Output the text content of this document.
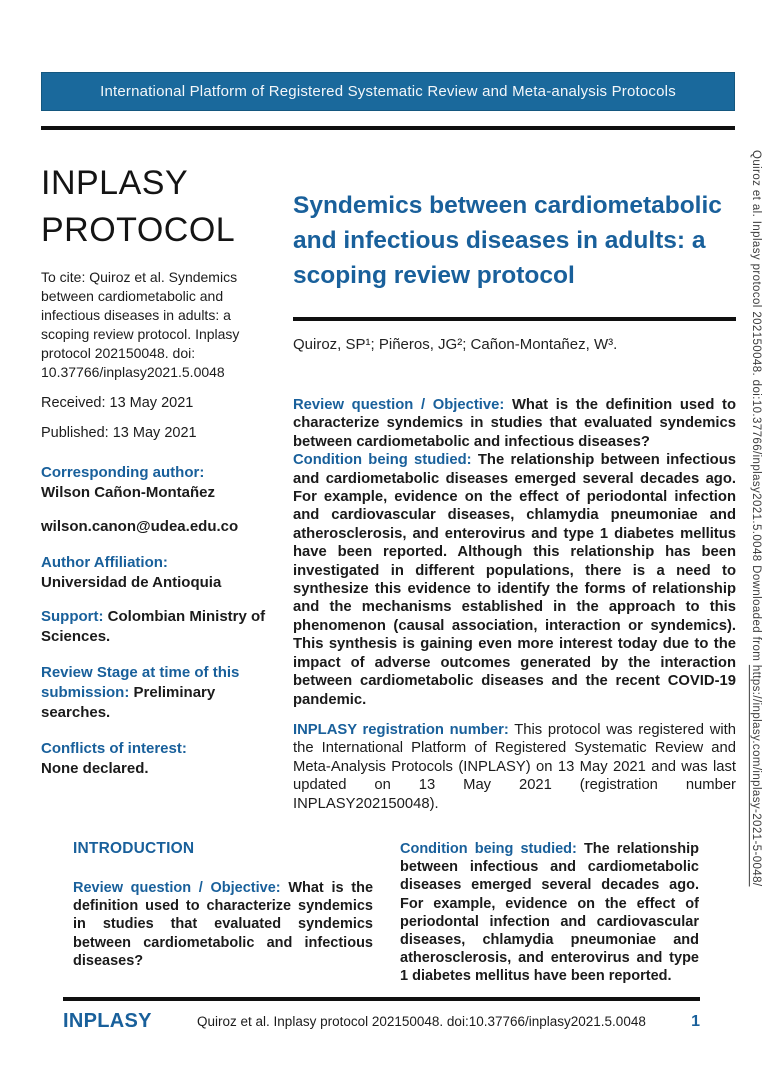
International Platform of Registered Systematic Review and Meta-analysis Protocols
INPLASY
PROTOCOL

To cite: Quiroz et al. Syndemics between cardiometabolic and infectious diseases in adults: a scoping review protocol. Inplasy protocol 202150048. doi: 10.37766/inplasy2021.5.0048

Received: 13 May 2021

Published: 13 May 2021

Corresponding author:
Wilson Cañon-Montañez
wilson.canon@udea.edu.co
Author Affiliation:
Universidad de Antioquia
Support: Colombian Ministry of Sciences.
Review Stage at time of this submission: Preliminary searches.
Conflicts of interest:
None declared.
Syndemics between cardiometabolic and infectious diseases in adults: a scoping review protocol

Quiroz, SP¹; Piñeros, JG²; Cañon-Montañez, W³.

Review question / Objective: What is the definition used to characterize syndemics in studies that evaluated syndemics between cardiometabolic and infectious diseases?

Condition being studied: The relationship between infectious and cardiometabolic diseases emerged several decades ago. For example, evidence on the effect of periodontal infection and cardiovascular diseases, chlamydia pneumoniae and atherosclerosis, and enterovirus and type 1 diabetes mellitus have been reported. Although this relationship has been investigated in different populations, there is a need to synthesize this evidence to identify the forms of relationship and the mechanisms established in the approach to this phenomenon (causal association, interaction or syndemics). This synthesis is gaining even more interest today due to the impact of adverse outcomes generated by the interaction between cardiometabolic diseases and the recent COVID-19 pandemic.

INPLASY registration number: This protocol was registered with the International Platform of Registered Systematic Review and Meta-Analysis Protocols (INPLASY) on 13 May 2021 and was last updated on 13 May 2021 (registration number INPLASY202150048).

INTRODUCTION

Review question / Objective: What is the definition used to characterize syndemics in studies that evaluated syndemics between cardiometabolic and infectious diseases?

Condition being studied: The relationship between infectious and cardiometabolic diseases emerged several decades ago. For example, evidence on the effect of periodontal infection and cardiovascular diseases, chlamydia pneumoniae and atherosclerosis, and enterovirus and type 1 diabetes mellitus have been reported.

INPLASY	Quiroz et al. Inplasy protocol 202150048. doi:10.37766/inplasy2021.5.0048	1
Quiroz et al. Inplasy protocol 202150048. doi:10.37766/inplasy2021.5.0048 Downloaded from https://inplasy.com/inplasy-2021-5-0048/
